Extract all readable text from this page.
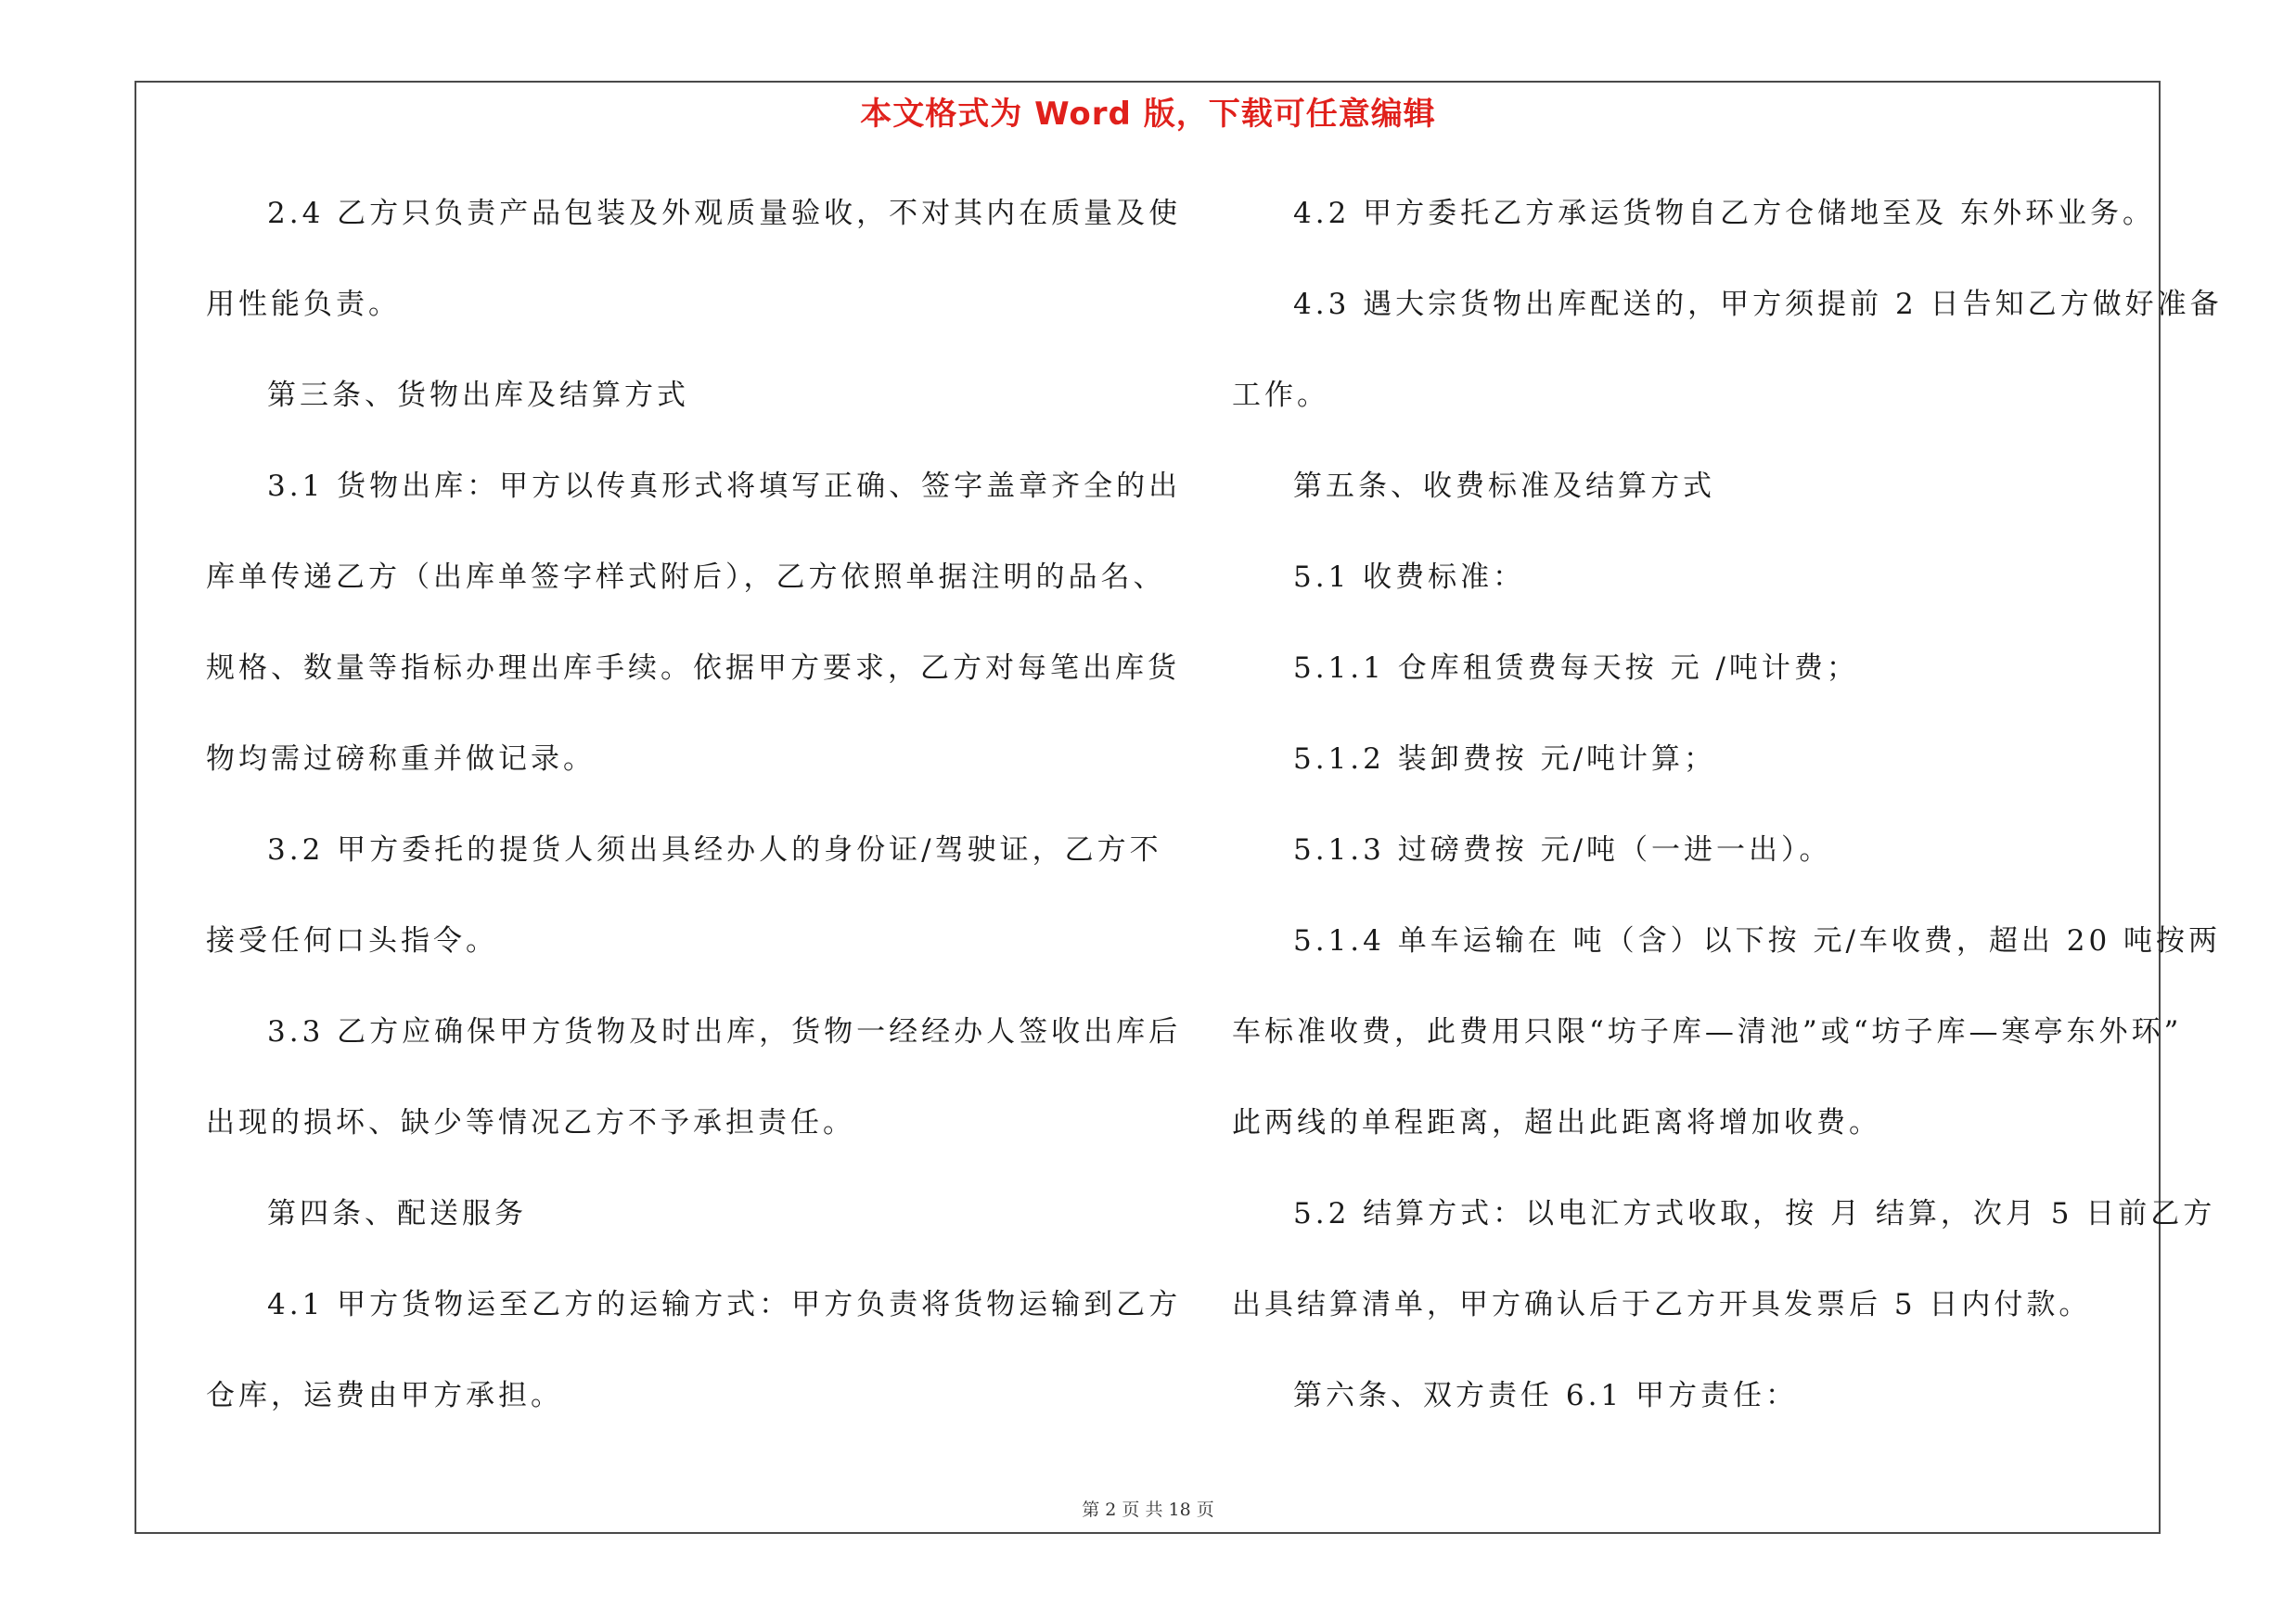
本文格式为 Word 版，下载可任意编辑
2.4 乙方只负责产品包装及外观质量验收，不对其内在质量及使
用性能负责。
第三条、货物出库及结算方式
3.1 货物出库：甲方以传真形式将填写正确、签字盖章齐全的出
库单传递乙方（出库单签字样式附后），乙方依照单据注明的品名、
规格、数量等指标办理出库手续。依据甲方要求，乙方对每笔出库货
物均需过磅称重并做记录。
3.2 甲方委托的提货人须出具经办人的身份证/驾驶证，乙方不
接受任何口头指令。
3.3 乙方应确保甲方货物及时出库，货物一经经办人签收出库后
出现的损坏、缺少等情况乙方不予承担责任。
第四条、配送服务
4.1 甲方货物运至乙方的运输方式：甲方负责将货物运输到乙方
仓库，运费由甲方承担。
4.2 甲方委托乙方承运货物自乙方仓储地至及 东外环业务。
4.3 遇大宗货物出库配送的，甲方须提前 2 日告知乙方做好准备
工作。
第五条、收费标准及结算方式
5.1 收费标准：
5.1.1 仓库租赁费每天按 元 /吨计费；
5.1.2 装卸费按 元/吨计算；
5.1.3 过磅费按 元/吨（一进一出）。
5.1.4 单车运输在 吨（含）以下按 元/车收费，超出 20 吨按两
车标准收费，此费用只限“坊子库—清池”或“坊子库—寒亭东外环”
此两线的单程距离，超出此距离将增加收费。
5.2 结算方式：以电汇方式收取，按 月 结算，次月 5 日前乙方
出具结算清单，甲方确认后于乙方开具发票后 5 日内付款。
第六条、双方责任 6.1 甲方责任：
第 2 页 共 18 页
